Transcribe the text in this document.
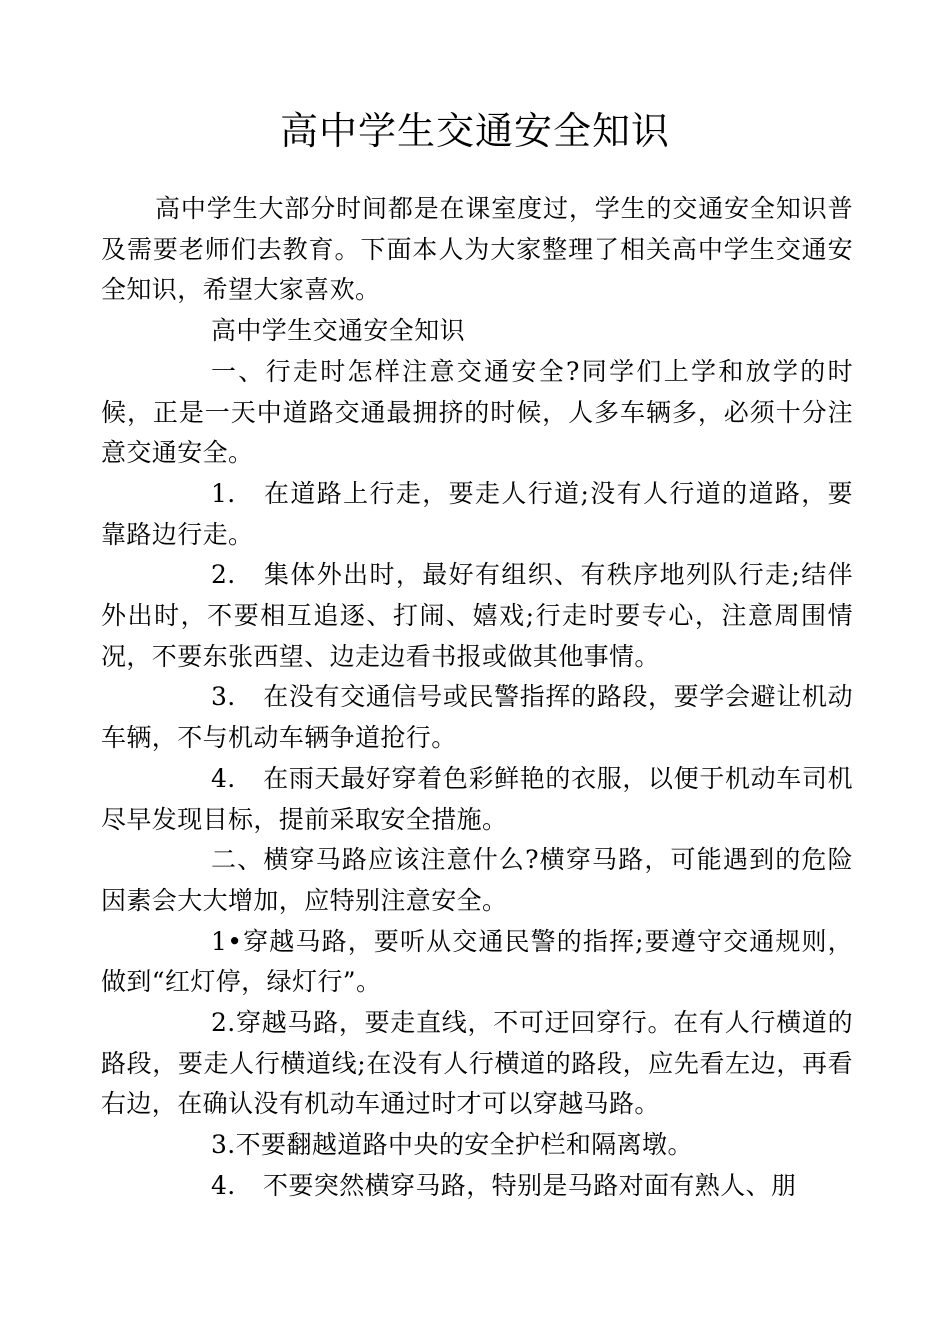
高中学生交通安全知识

高中学生大部分时间都是在课室度过，学生的交通安全知识普及需要老师们去教育。下面本人为大家整理了相关高中学生交通安全知识，希望大家喜欢。

高中学生交通安全知识

一、行走时怎样注意交通安全?同学们上学和放学的时候，正是一天中道路交通最拥挤的时候，人多车辆多，必须十分注意交通安全。

1. 在道路上行走，要走人行道;没有人行道的道路，要靠路边行走。

2. 集体外出时，最好有组织、有秩序地列队行走;结伴外出时，不要相互追逐、打闹、嬉戏;行走时要专心，注意周围情况，不要东张西望、边走边看书报或做其他事情。

3. 在没有交通信号或民警指挥的路段，要学会避让机动车辆，不与机动车辆争道抢行。

4. 在雨天最好穿着色彩鲜艳的衣服，以便于机动车司机尽早发现目标，提前采取安全措施。

二、横穿马路应该注意什么?横穿马路，可能遇到的危险因素会大大增加，应特别注意安全。

1•穿越马路，要听从交通民警的指挥;要遵守交通规则，做到“红灯停，绿灯行”。

2.穿越马路，要走直线，不可迂回穿行。在有人行横道的路段，要走人行横道线;在没有人行横道的路段，应先看左边，再看右边，在确认没有机动车通过时才可以穿越马路。

3.不要翻越道路中央的安全护栏和隔离墩。

4. 不要突然横穿马路，特别是马路对面有熟人、朋
